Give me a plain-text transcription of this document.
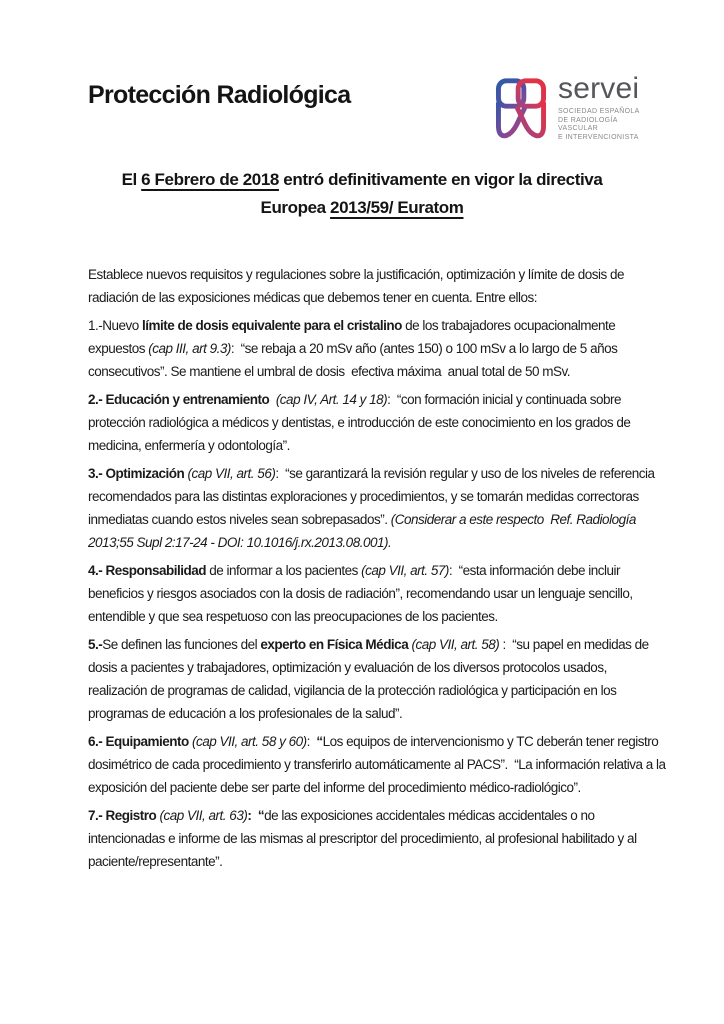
Protección Radiológica	servei
SOCIEDAD ESPAÑOLA
DE RADIOLOGÍA
VASCULAR
E INTERVENCIONISTA
El 6 Febrero de 2018 entró definitivamente en vigor la directiva
Europea 2013/59/ Euratom

Establece nuevos requisitos y regulaciones sobre la justificación, optimización y límite de dosis de radiación de las exposiciones médicas que debemos tener en cuenta. Entre ellos:

1.-Nuevo límite de dosis equivalente para el cristalino de los trabajadores ocupacionalmente expuestos (cap III, art 9.3):  “se rebaja a 20 mSv año (antes 150) o 100 mSv a lo largo de 5 años consecutivos”. Se mantiene el umbral de dosis  efectiva máxima  anual total de 50 mSv.

2.- Educación y entrenamiento (cap IV, Art. 14 y 18):  “con formación inicial y continuada sobre protección radiológica a médicos y dentistas, e introducción de este conocimiento en los grados de medicina, enfermería y odontología”.

3.- Optimización (cap VII, art. 56):  “se garantizará la revisión regular y uso de los niveles de referencia recomendados para las distintas exploraciones y procedimientos, y se tomarán medidas correctoras inmediatas cuando estos niveles sean sobrepasados”. (Considerar a este respecto  Ref. Radiología 2013;55 Supl 2:17-24 - DOI: 10.1016/j.rx.2013.08.001).

4.- Responsabilidad de informar a los pacientes (cap VII, art. 57):  “esta información debe incluir beneficios y riesgos asociados con la dosis de radiación”, recomendando usar un lenguaje sencillo, entendible y que sea respetuoso con las preocupaciones de los pacientes.

5.-Se definen las funciones del experto en Física Médica (cap VII, art. 58) :  “su papel en medidas de dosis a pacientes y trabajadores, optimización y evaluación de los diversos protocolos usados, realización de programas de calidad, vigilancia de la protección radiológica y participación en los programas de educación a los profesionales de la salud”.

6.- Equipamiento (cap VII, art. 58 y 60):  “Los equipos de intervencionismo y TC deberán tener registro dosimétrico de cada procedimiento y transferirlo automáticamente al PACS”.  “La información relativa a la exposición del paciente debe ser parte del informe del procedimiento médico-radiológico”.

7.- Registro (cap VII, art. 63): “de las exposiciones accidentales médicas accidentales o no intencionadas e informe de las mismas al prescriptor del procedimiento, al profesional habilitado y al paciente/representante”.
